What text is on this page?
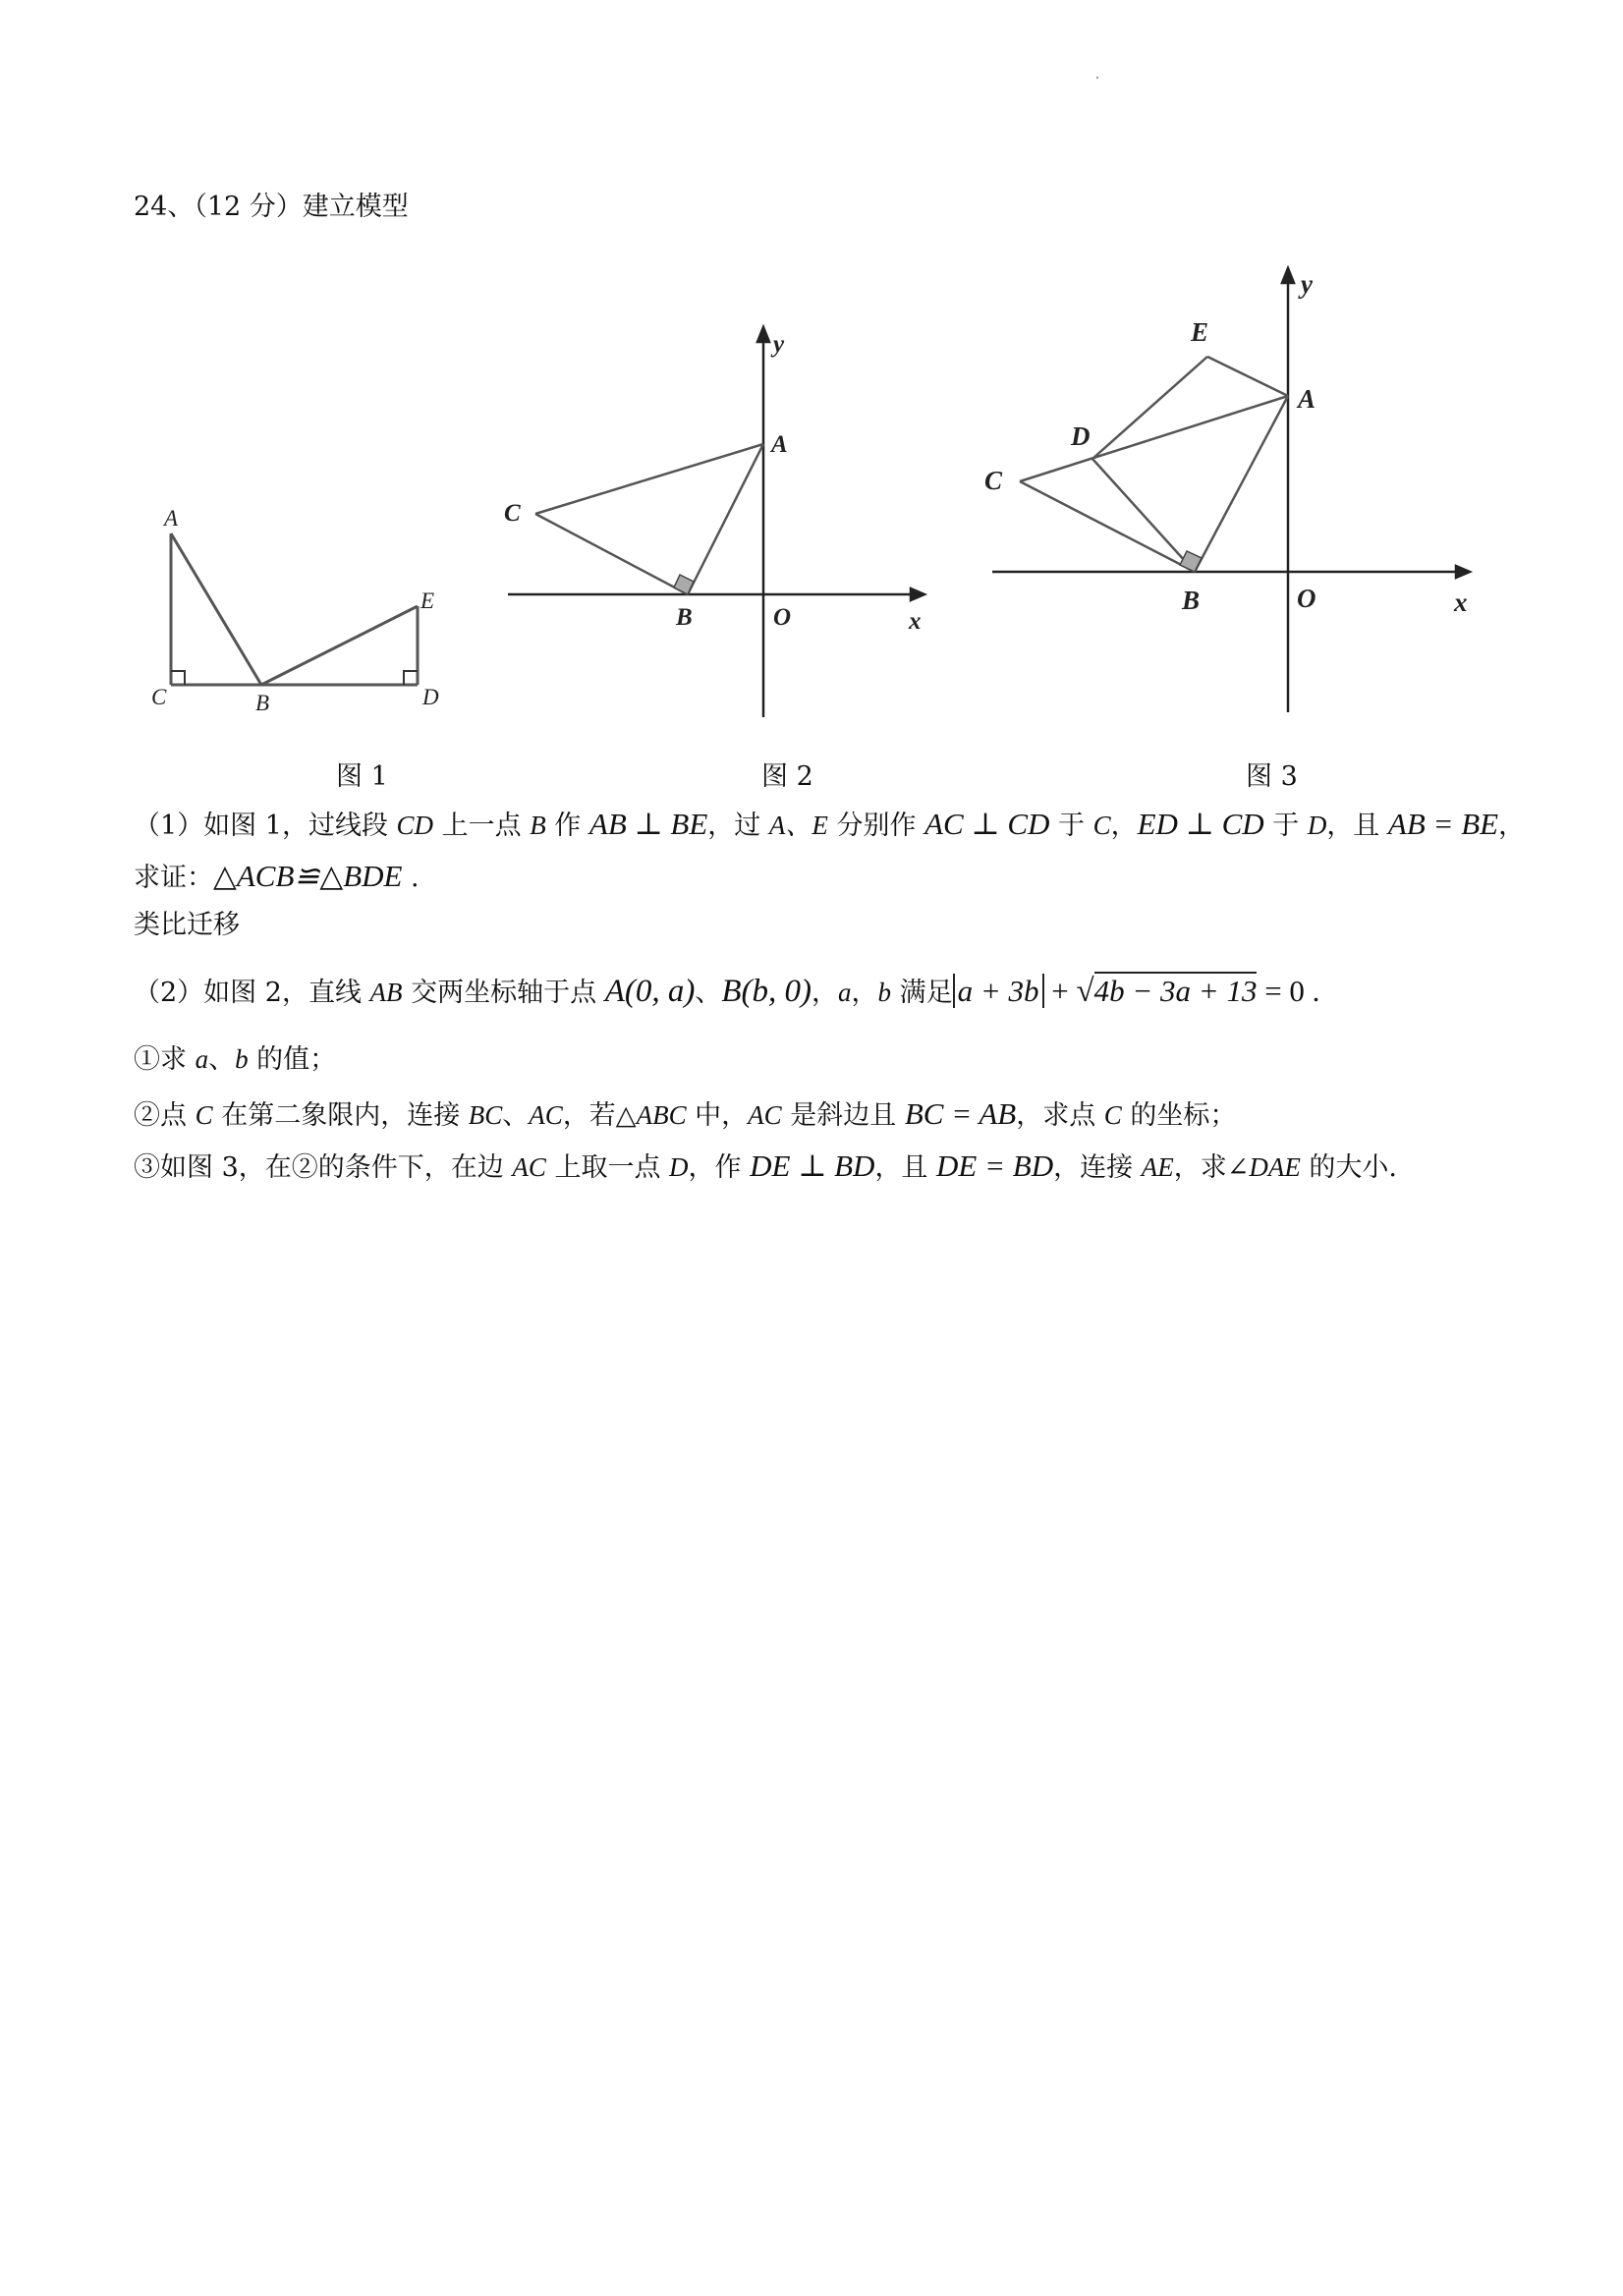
24、（12 分）建立模型
A
C	B	D
E
图 1
y
A
C
B	O	x
图 2
y
E
A
D
C
B	O	x
图 3
（1）如图 1，过线段 CD 上一点 B 作 AB ⊥ BE，过 A、E 分别作 AC ⊥ CD 于 C，ED ⊥ CD 于 D，且 AB = BE，
求证：△ACB≌△BDE .
类比迁移
（2）如图 2，直线 AB 交两坐标轴于点 A(0, a)、B(b, 0)，a，b 满足 a + 3b + √4b − 3a + 13 = 0 .
①求 a、b 的值；
②点 C 在第二象限内，连接 BC、AC，若△ABC 中，AC 是斜边且 BC = AB，求点 C 的坐标；
③如图 3，在②的条件下，在边 AC 上取一点 D，作 DE ⊥ BD，且 DE = BD，连接 AE，求∠DAE 的大小.
